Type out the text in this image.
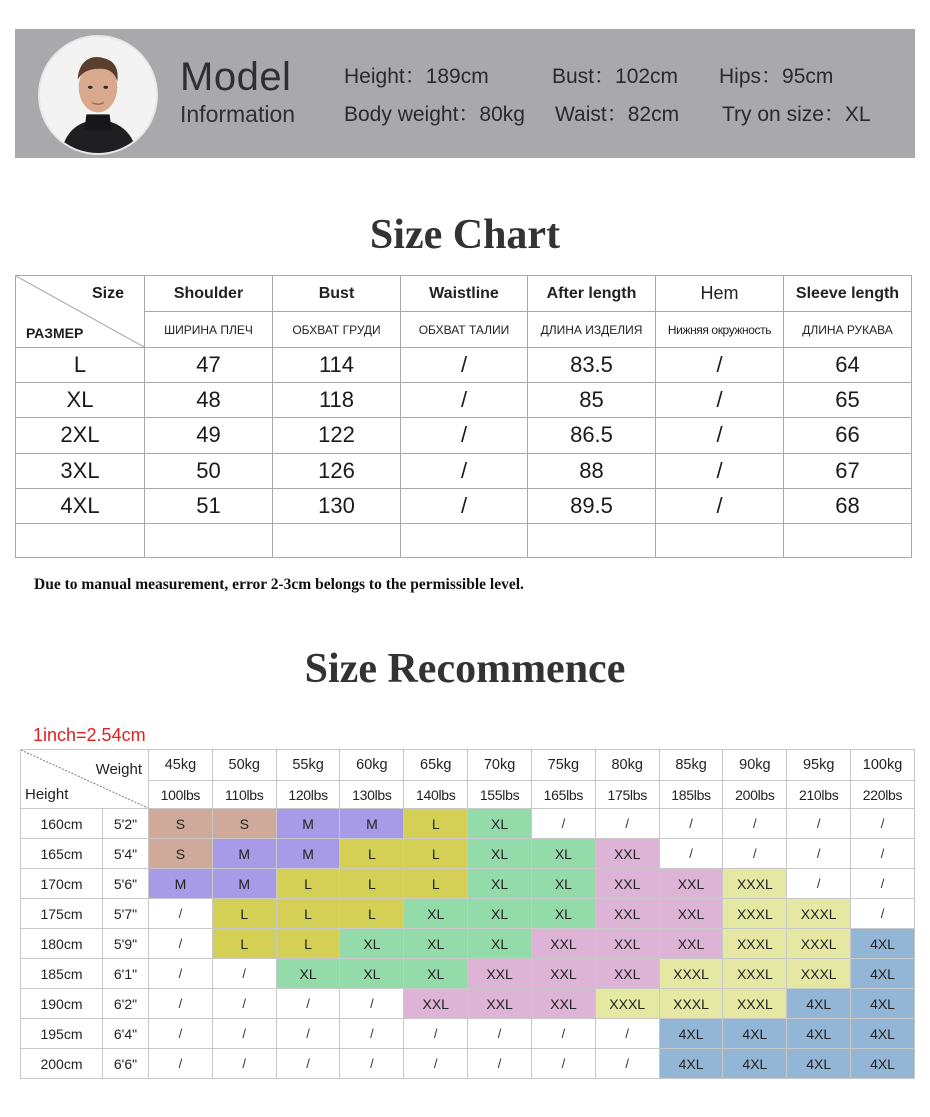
Model
Information
Height：189cm	Bust：102cm Hips：95cm
Body weight：80kg Waist：82cm Try on size：XL
Size Chart
Size
РАЗМЕР	Shoulder	Bust	Waistline	After length	Hem	Sleeve length
	ШИРИНА ПЛЕЧ	ОБХВАТ ГРУДИ	ОБХВАТ ТАЛИИ	ДЛИНА ИЗДЕЛИЯ	Нижняя окружность	ДЛИНА РУКАВА
L	47	114	/	83.5	/	64
XL	48	118	/	85	/	65
2XL	49	122	/	86.5	/	66
3XL	50	126	/	88	/	67
4XL	51	130	/	89.5	/	68

Due to manual measurement, error 2-3cm belongs to the permissible level.
Size Recommence
1inch=2.54cm
Weight
Height		45kg	50kg	55kg	60kg	65kg	70kg	75kg	80kg	85kg	90kg	95kg	100kg
		100lbs	110lbs	120lbs	130lbs	140lbs	155lbs	165lbs	175lbs	185lbs	200lbs	210lbs	220lbs
160cm	5'2"	S	S	M	M	L	XL	/	/	/	/	/	/
165cm	5'4"	S	M	M	L	L	XL	XL	XXL	/	/	/	/
170cm	5'6"	M	M	L	L	L	XL	XL	XXL	XXL	XXXL	/	/
175cm	5'7"	/	L	L	L	XL	XL	XL	XXL	XXL	XXXL	XXXL	/
180cm	5'9"	/	L	L	XL	XL	XL	XXL	XXL	XXL	XXXL	XXXL	4XL
185cm	6'1"	/	/	XL	XL	XL	XXL	XXL	XXL	XXXL	XXXL	XXXL	4XL
190cm	6'2"	/	/	/	/	XXL	XXL	XXL	XXXL	XXXL	XXXL	4XL	4XL
195cm	6'4"	/	/	/	/	/	/	/	/	4XL	4XL	4XL	4XL
200cm	6'6"	/	/	/	/	/	/	/	/	4XL	4XL	4XL	4XL
